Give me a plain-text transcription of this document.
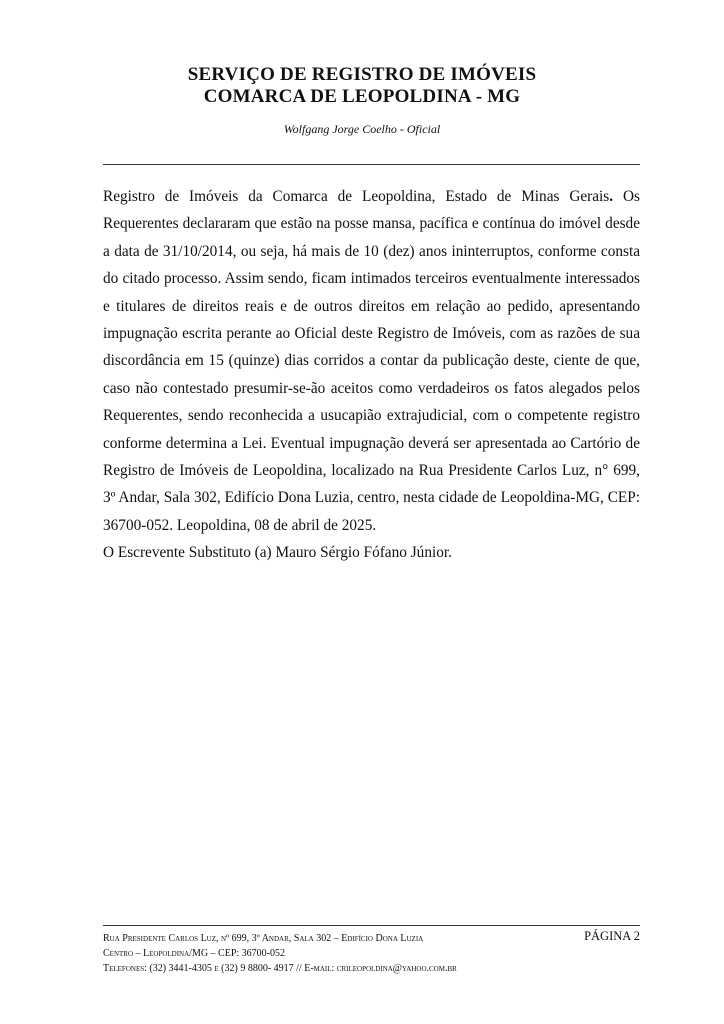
SERVIÇO DE REGISTRO DE IMÓVEIS
COMARCA DE LEOPOLDINA - MG
Wolfgang Jorge Coelho - Oficial

Registro de Imóveis da Comarca de Leopoldina, Estado de Minas Gerais. Os Requerentes declararam que estão na posse mansa, pacífica e contínua do imóvel desde a data de 31/10/2014, ou seja, há mais de 10 (dez) anos ininterruptos, conforme consta do citado processo. Assim sendo, ficam intimados terceiros eventualmente interessados e titulares de direitos reais e de outros direitos em relação ao pedido, apresentando impugnação escrita perante ao Oficial deste Registro de Imóveis, com as razões de sua discordância em 15 (quinze) dias corridos a contar da publicação deste, ciente de que, caso não contestado presumir-se-ão aceitos como verdadeiros os fatos alegados pelos Requerentes, sendo reconhecida a usucapião extrajudicial, com o competente registro conforme determina a Lei. Eventual impugnação deverá ser apresentada ao Cartório de Registro de Imóveis de Leopoldina, localizado na Rua Presidente Carlos Luz, n° 699, 3º Andar, Sala 302, Edifício Dona Luzia, centro, nesta cidade de Leopoldina-MG, CEP: 36700-052. Leopoldina, 08 de abril de 2025.

O Escrevente Substituto (a) Mauro Sérgio Fófano Júnior.

Rua Presidente Carlos Luz, nº 699, 3º Andar, Sala 302 – Edifício Dona Luzia
Centro – Leopoldina/MG – CEP: 36700-052
Telefones: (32) 3441-4305 e (32) 9 8800- 4917 // E-mail: crileopoldina@yahoo.com.br
PÁGINA 2
